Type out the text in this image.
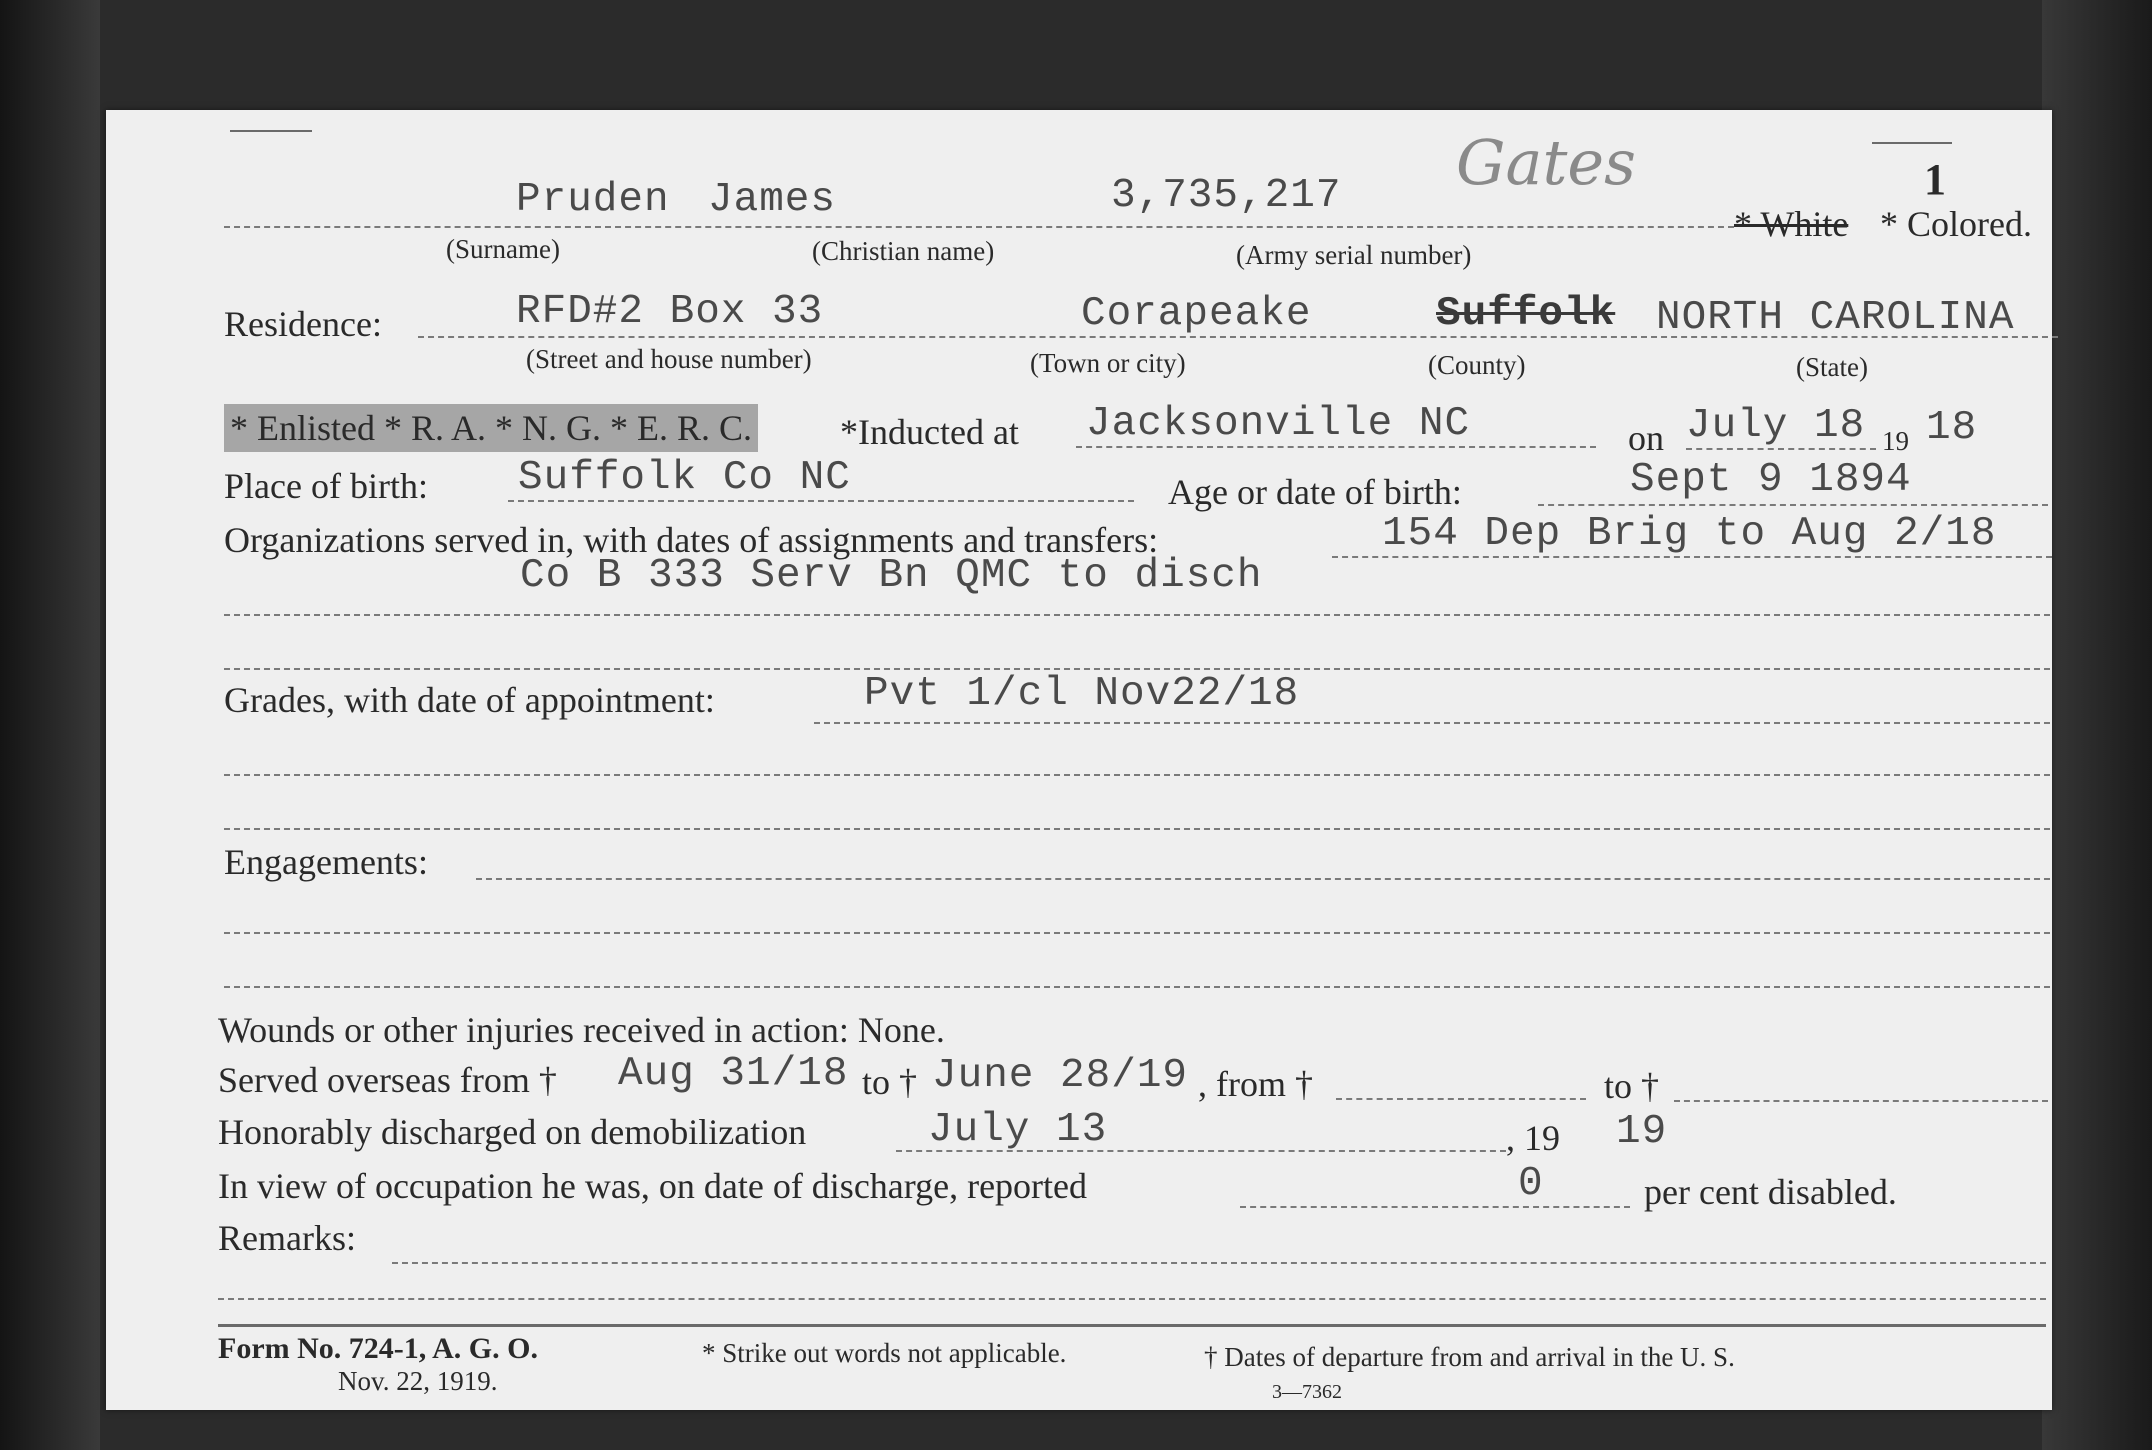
1
Gates
Pruden James	3,735,217
* White * Colored.
(Surname)	(Christian name)	(Army serial number)
Residence:	RFD#2 Box 33	Corapeake	Suffolk NORTH CAROLINA
(Street and house number)	(Town or city)	(County)	(State)
* Enlisted * R. A. * N. G. * E. R. C. *Inducted at Jacksonville NC	on July 18 19 18
Place of birth: Suffolk Co NC	Age or date of birth:	Sept 9 1894
Organizations served in, with dates of assignments and transfers:	154 Dep Brig to Aug 2/18
Co B 333 Serv Bn QMC to disch
Grades, with date of appointment:	Pvt 1/cl Nov22/18
Engagements:
Wounds or other injuries received in action: None.
Served overseas from † Aug 31/18 to † June 28/19 , from †	to †
Honorably discharged on demobilization	July 13	, 19 19
In view of occupation he was, on date of discharge, reported	0	per cent disabled.
Remarks:
Form No. 724-1, A. G. O.
Nov. 22, 1919.
* Strike out words not applicable.	† Dates of departure from and arrival in the U. S.
3—7362
